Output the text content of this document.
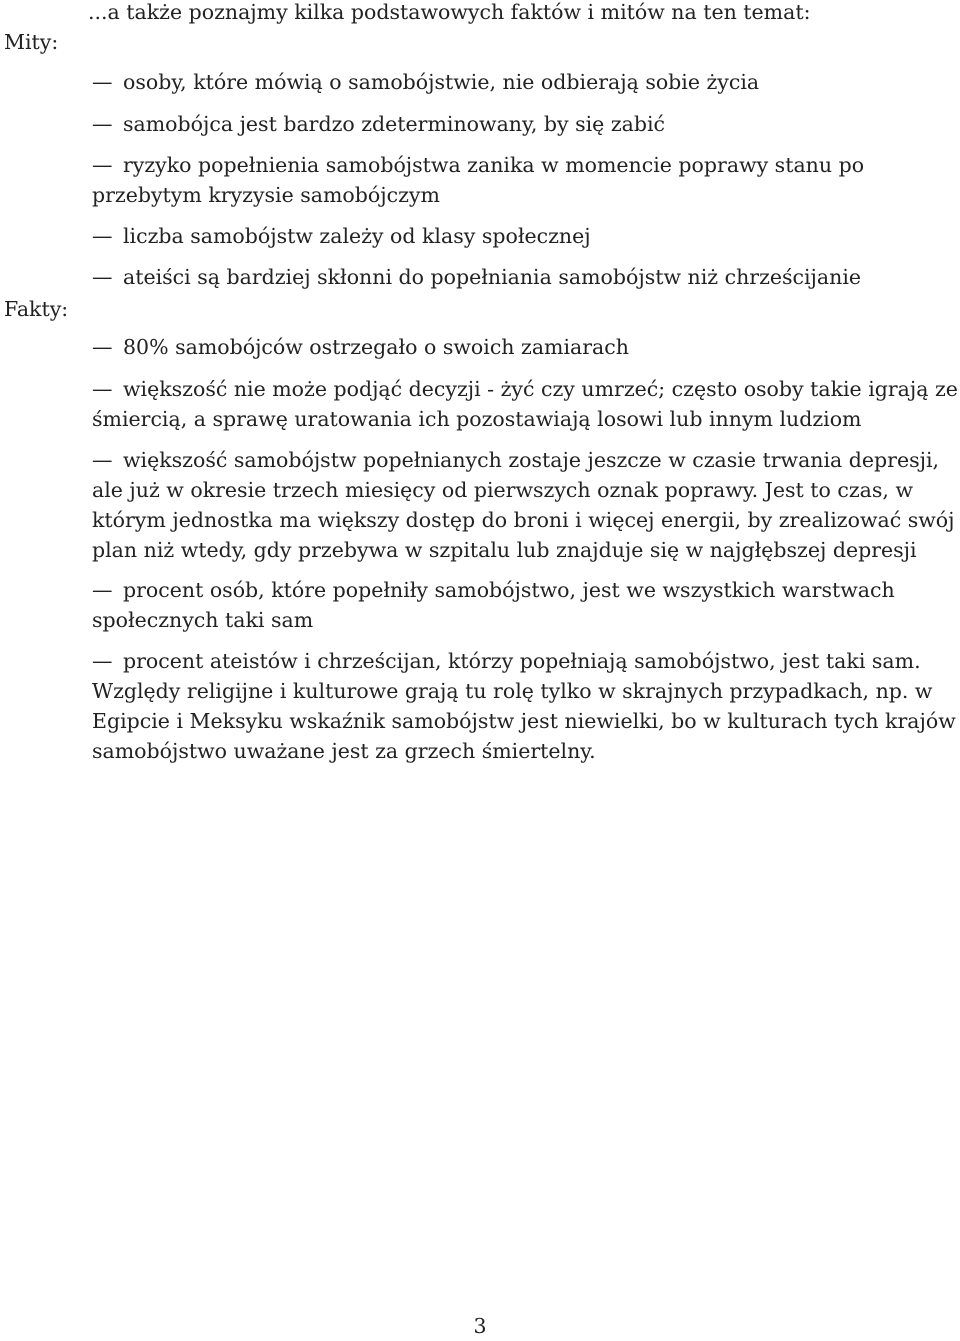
...a także poznajmy kilka podstawowych faktów i mitów na ten temat:
Mity:
— osoby, które mówią o samobójstwie, nie odbierają sobie życia
— samobójca jest bardzo zdeterminowany, by się zabić
— ryzyko popełnienia samobójstwa zanika w momencie poprawy stanu po przebytym kryzysie samobójczym
— liczba samobójstw zależy od klasy społecznej
— ateiści są bardziej skłonni do popełniania samobójstw niż chrześcijanie
Fakty:
— 80% samobójców ostrzegało o swoich zamiarach
— większość nie może podjąć decyzji - żyć czy umrzeć; często osoby takie igrają ze śmiercią, a sprawę uratowania ich pozostawiają losowi lub innym ludziom
— większość samobójstw popełnianych zostaje jeszcze w czasie trwania depresji, ale już w okresie trzech miesięcy od pierwszych oznak poprawy. Jest to czas, w którym jednostka ma większy dostęp do broni i więcej energii, by zrealizować swój plan niż wtedy, gdy przebywa w szpitalu lub znajduje się w najgłębszej depresji
— procent osób, które popełniły samobójstwo, jest we wszystkich warstwach społecznych taki sam
— procent ateistów i chrześcijan, którzy popełniają samobójstwo, jest taki sam. Względy religijne i kulturowe grają tu rolę tylko w skrajnych przypadkach, np. w Egipcie i Meksyku wskaźnik samobójstw jest niewielki, bo w kulturach tych krajów samobójstwo uważane jest za grzech śmiertelny.
3
